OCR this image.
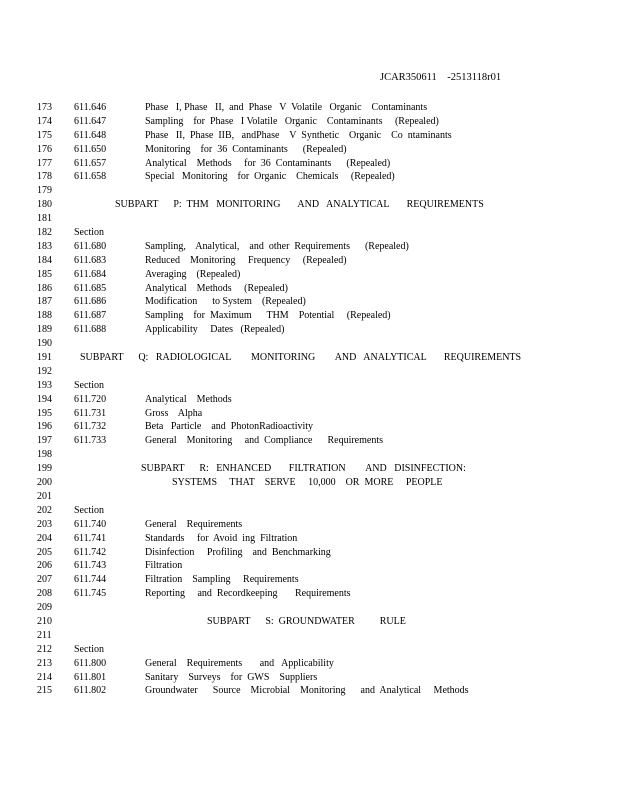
JCAR350611    -2513118r01
173 611.646	Phase   I, Phase   II,  and  Phase   V  Volatile   Organic    Contaminants
174 611.647	Sampling    for  Phase   I Volatile   Organic    Contaminants     (Repealed)
175 611.648	Phase   II,  Phase  IIB,   andPhase    V  Synthetic    Organic    Co  ntaminants
176 611.650	Monitoring    for  36  Contaminants      (Repealed)
177 611.657	Analytical    Methods     for  36  Contaminants      (Repealed)
178 611.658	Special   Monitoring    for  Organic    Chemicals     (Repealed)
179
180	SUBPART      P:  THM   MONITORING       AND   ANALYTICAL       REQUIREMENTS
181
182 Section
183 611.680	Sampling,    Analytical,    and  other  Requirements      (Repealed)
184 611.683	Reduced    Monitoring     Frequency     (Repealed)
185 611.684	Averaging    (Repealed)
186 611.685	Analytical    Methods     (Repealed)
187 611.686	Modification      to System    (Repealed)
188 611.687	Sampling    for  Maximum      THM    Potential     (Repealed)
189 611.688	Applicability     Dates   (Repealed)
190
191	SUBPART      Q:   RADIOLOGICAL        MONITORING        AND   ANALYTICAL       REQUIREMENTS
192
193 Section
194 611.720	Analytical    Methods
195 611.731	Gross    Alpha
196 611.732	Beta   Particle    and  PhotonRadioactivity
197 611.733	General    Monitoring     and  Compliance      Requirements
198
199	SUBPART      R:   ENHANCED       FILTRATION        AND   DISINFECTION:
200	SYSTEMS     THAT    SERVE     10,000    OR  MORE     PEOPLE
201
202 Section
203 611.740	General    Requirements
204 611.741	Standards     for  Avoid  ing  Filtration
205 611.742	Disinfection     Profiling    and  Benchmarking
206 611.743	Filtration
207 611.744	Filtration    Sampling     Requirements
208 611.745	Reporting     and  Recordkeeping       Requirements
209
210	SUBPART      S:  GROUNDWATER          RULE
211
212 Section
213 611.800	General    Requirements       and   Applicability
214 611.801	Sanitary    Surveys    for  GWS    Suppliers
215 611.802	Groundwater      Source    Microbial    Monitoring      and  Analytical     Methods
